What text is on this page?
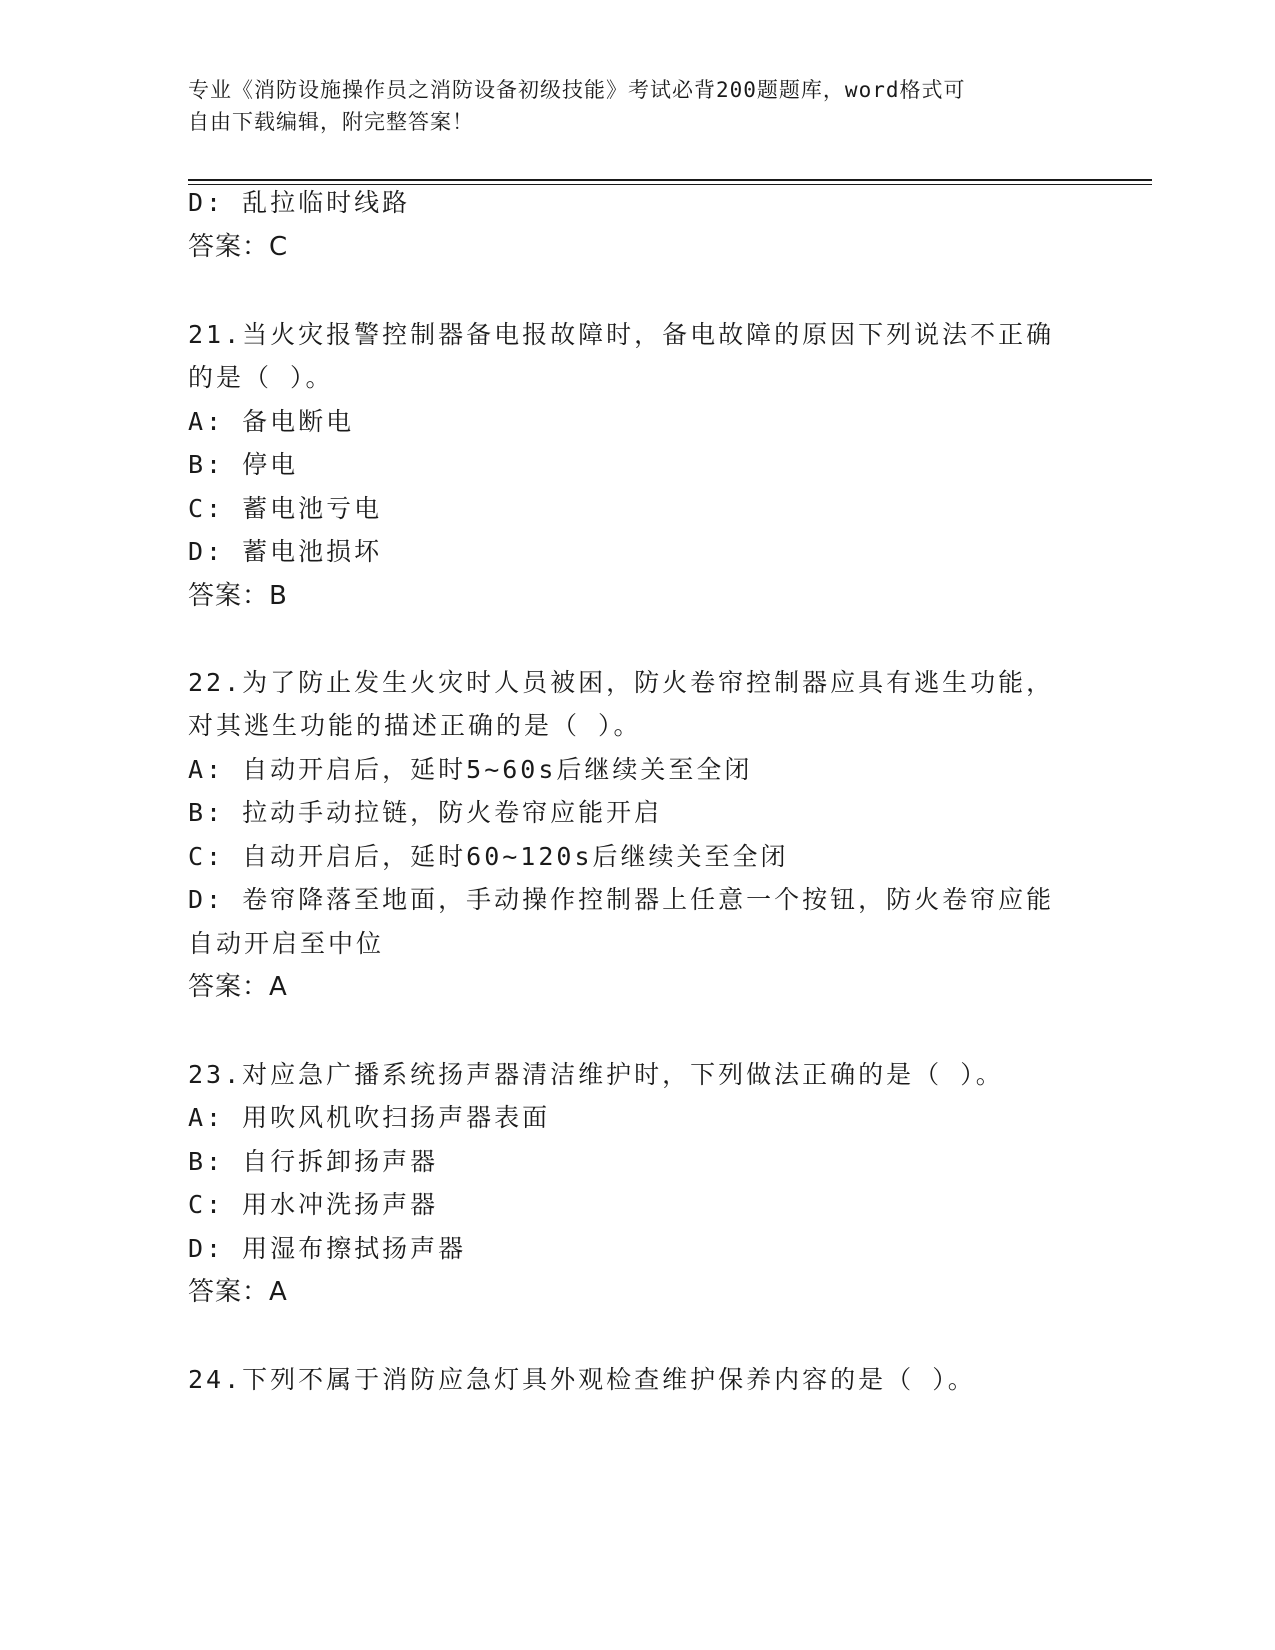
专业《消防设施操作员之消防设备初级技能》考试必背200题题库，word格式可
自由下载编辑，附完整答案！
D: 乱拉临时线路
答案：C
21.当火灾报警控制器备电报故障时，备电故障的原因下列说法不正确
的是（ ）。
A: 备电断电
B: 停电
C: 蓄电池亏电
D: 蓄电池损坏
答案：B
22.为了防止发生火灾时人员被困，防火卷帘控制器应具有逃生功能，
对其逃生功能的描述正确的是（ ）。
A: 自动开启后，延时5~60s后继续关至全闭
B: 拉动手动拉链，防火卷帘应能开启
C: 自动开启后，延时60~120s后继续关至全闭
D: 卷帘降落至地面，手动操作控制器上任意一个按钮，防火卷帘应能
自动开启至中位
答案：A
23.对应急广播系统扬声器清洁维护时，下列做法正确的是（ ）。
A: 用吹风机吹扫扬声器表面
B: 自行拆卸扬声器
C: 用水冲洗扬声器
D: 用湿布擦拭扬声器
答案：A
24.下列不属于消防应急灯具外观检查维护保养内容的是（ ）。
